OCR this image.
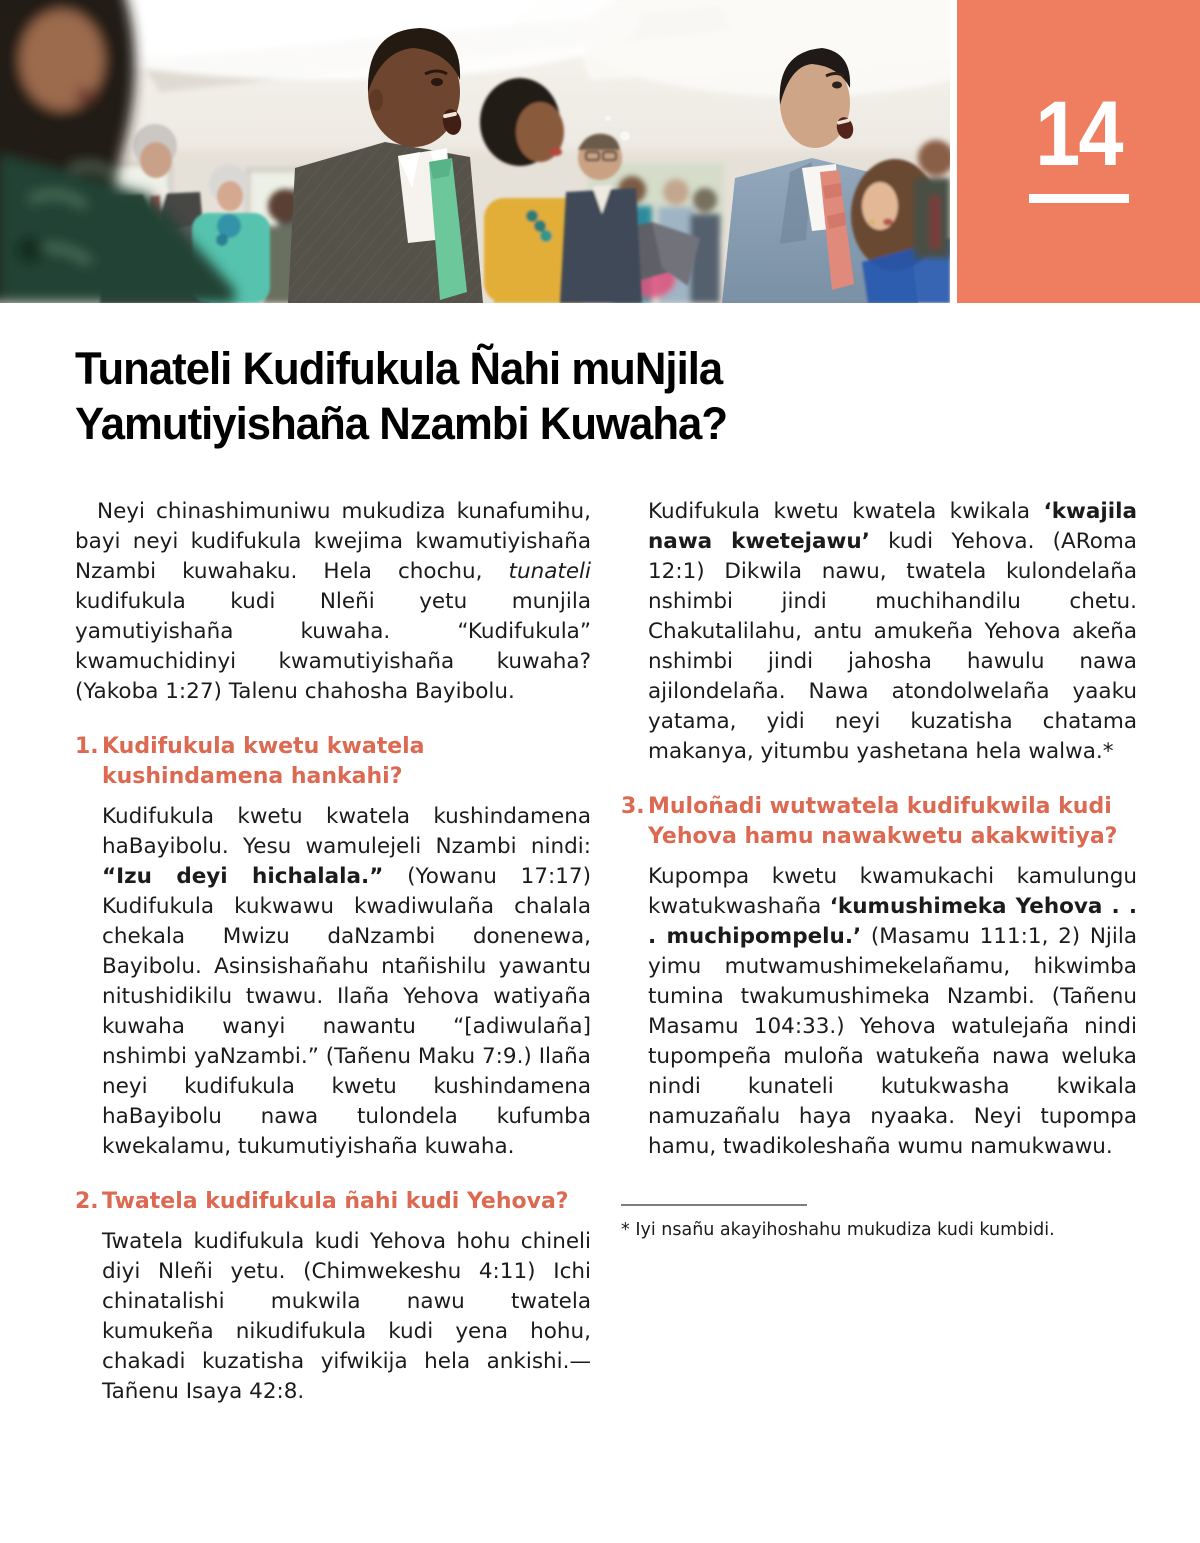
14
Tunateli Kudifukula Ñahi muNjila
Yamutiyishaña Nzambi Kuwaha?

Neyi chinashimuniwu mukudiza kunafumihu, bayi neyi kudifukula kwejima kwamutiyishaña Nzambi kuwahaku. Hela chochu, tunateli kudifukula kudi Nleñi yetu munjila yamutiyishaña kuwaha. “Kudifukula” kwamuchidinyi kwamutiyishaña kuwaha? (Yakoba 1:27) Talenu chahosha Bayibolu.

1. Kudifukula kwetu kwatela
kushindamena hankahi?

Kudifukula kwetu kwatela kushindamena haBayibolu. Yesu wamulejeli Nzambi nindi: “Izu deyi hichalala.” (Yowanu 17:17) Kudifukula kukwawu kwadiwulaña chalala chekala Mwizu daNzambi donenewa, Bayibolu. Asinsishañahu ntañishilu yawantu nitushidikilu twawu. Ilaña Yehova watiyaña kuwaha wanyi nawantu “[adiwulaña] nshimbi yaNzambi.” (Tañenu Maku 7:9.) Ilaña neyi kudifukula kwetu kushindamena haBayibolu nawa tulondela kufumba kwekalamu, tukumutiyishaña kuwaha.

2. Twatela kudifukula ñahi kudi Yehova?

Twatela kudifukula kudi Yehova hohu chineli diyi Nleñi yetu. (Chimwekeshu 4:11) Ichi chinatalishi mukwila nawu twatela kumukeña nikudifukula kudi yena hohu, chakadi kuzatisha yifwikija hela ankishi.—Tañenu Isaya 42:8.

Kudifukula kwetu kwatela kwikala ‘kwajila nawa kwetejawu’ kudi Yehova. (ARoma 12:1) Dikwila nawu, twatela kulondelaña nshimbi jindi muchihandilu chetu. Chakutalilahu, antu amukeña Yehova akeña nshimbi jindi jahosha hawulu nawa ajilondelaña. Nawa atondolwelaña yaaku yatama, yidi neyi kuzatisha chatama makanya, yitumbu yashetana hela walwa.*

3. Muloñadi wutwatela kudifukwila kudi
Yehova hamu nawakwetu akakwitiya?

Kupompa kwetu kwamukachi kamulungu kwatukwashaña ‘kumushimeka Yehova . . . muchipompelu.’ (Masamu 111:1, 2) Njila yimu mutwamushimekelañamu, hikwimba tumina twakumushimeka Nzambi. (Tañenu Masamu 104:33.) Yehova watulejaña nindi tupompeña muloña watukeña nawa weluka nindi kunateli kutukwasha kwikala namuzañalu haya nyaaka. Neyi tupompa hamu, twadikoleshaña wumu namukwawu.

* Iyi nsañu akayihoshahu mukudiza kudi kumbidi.
